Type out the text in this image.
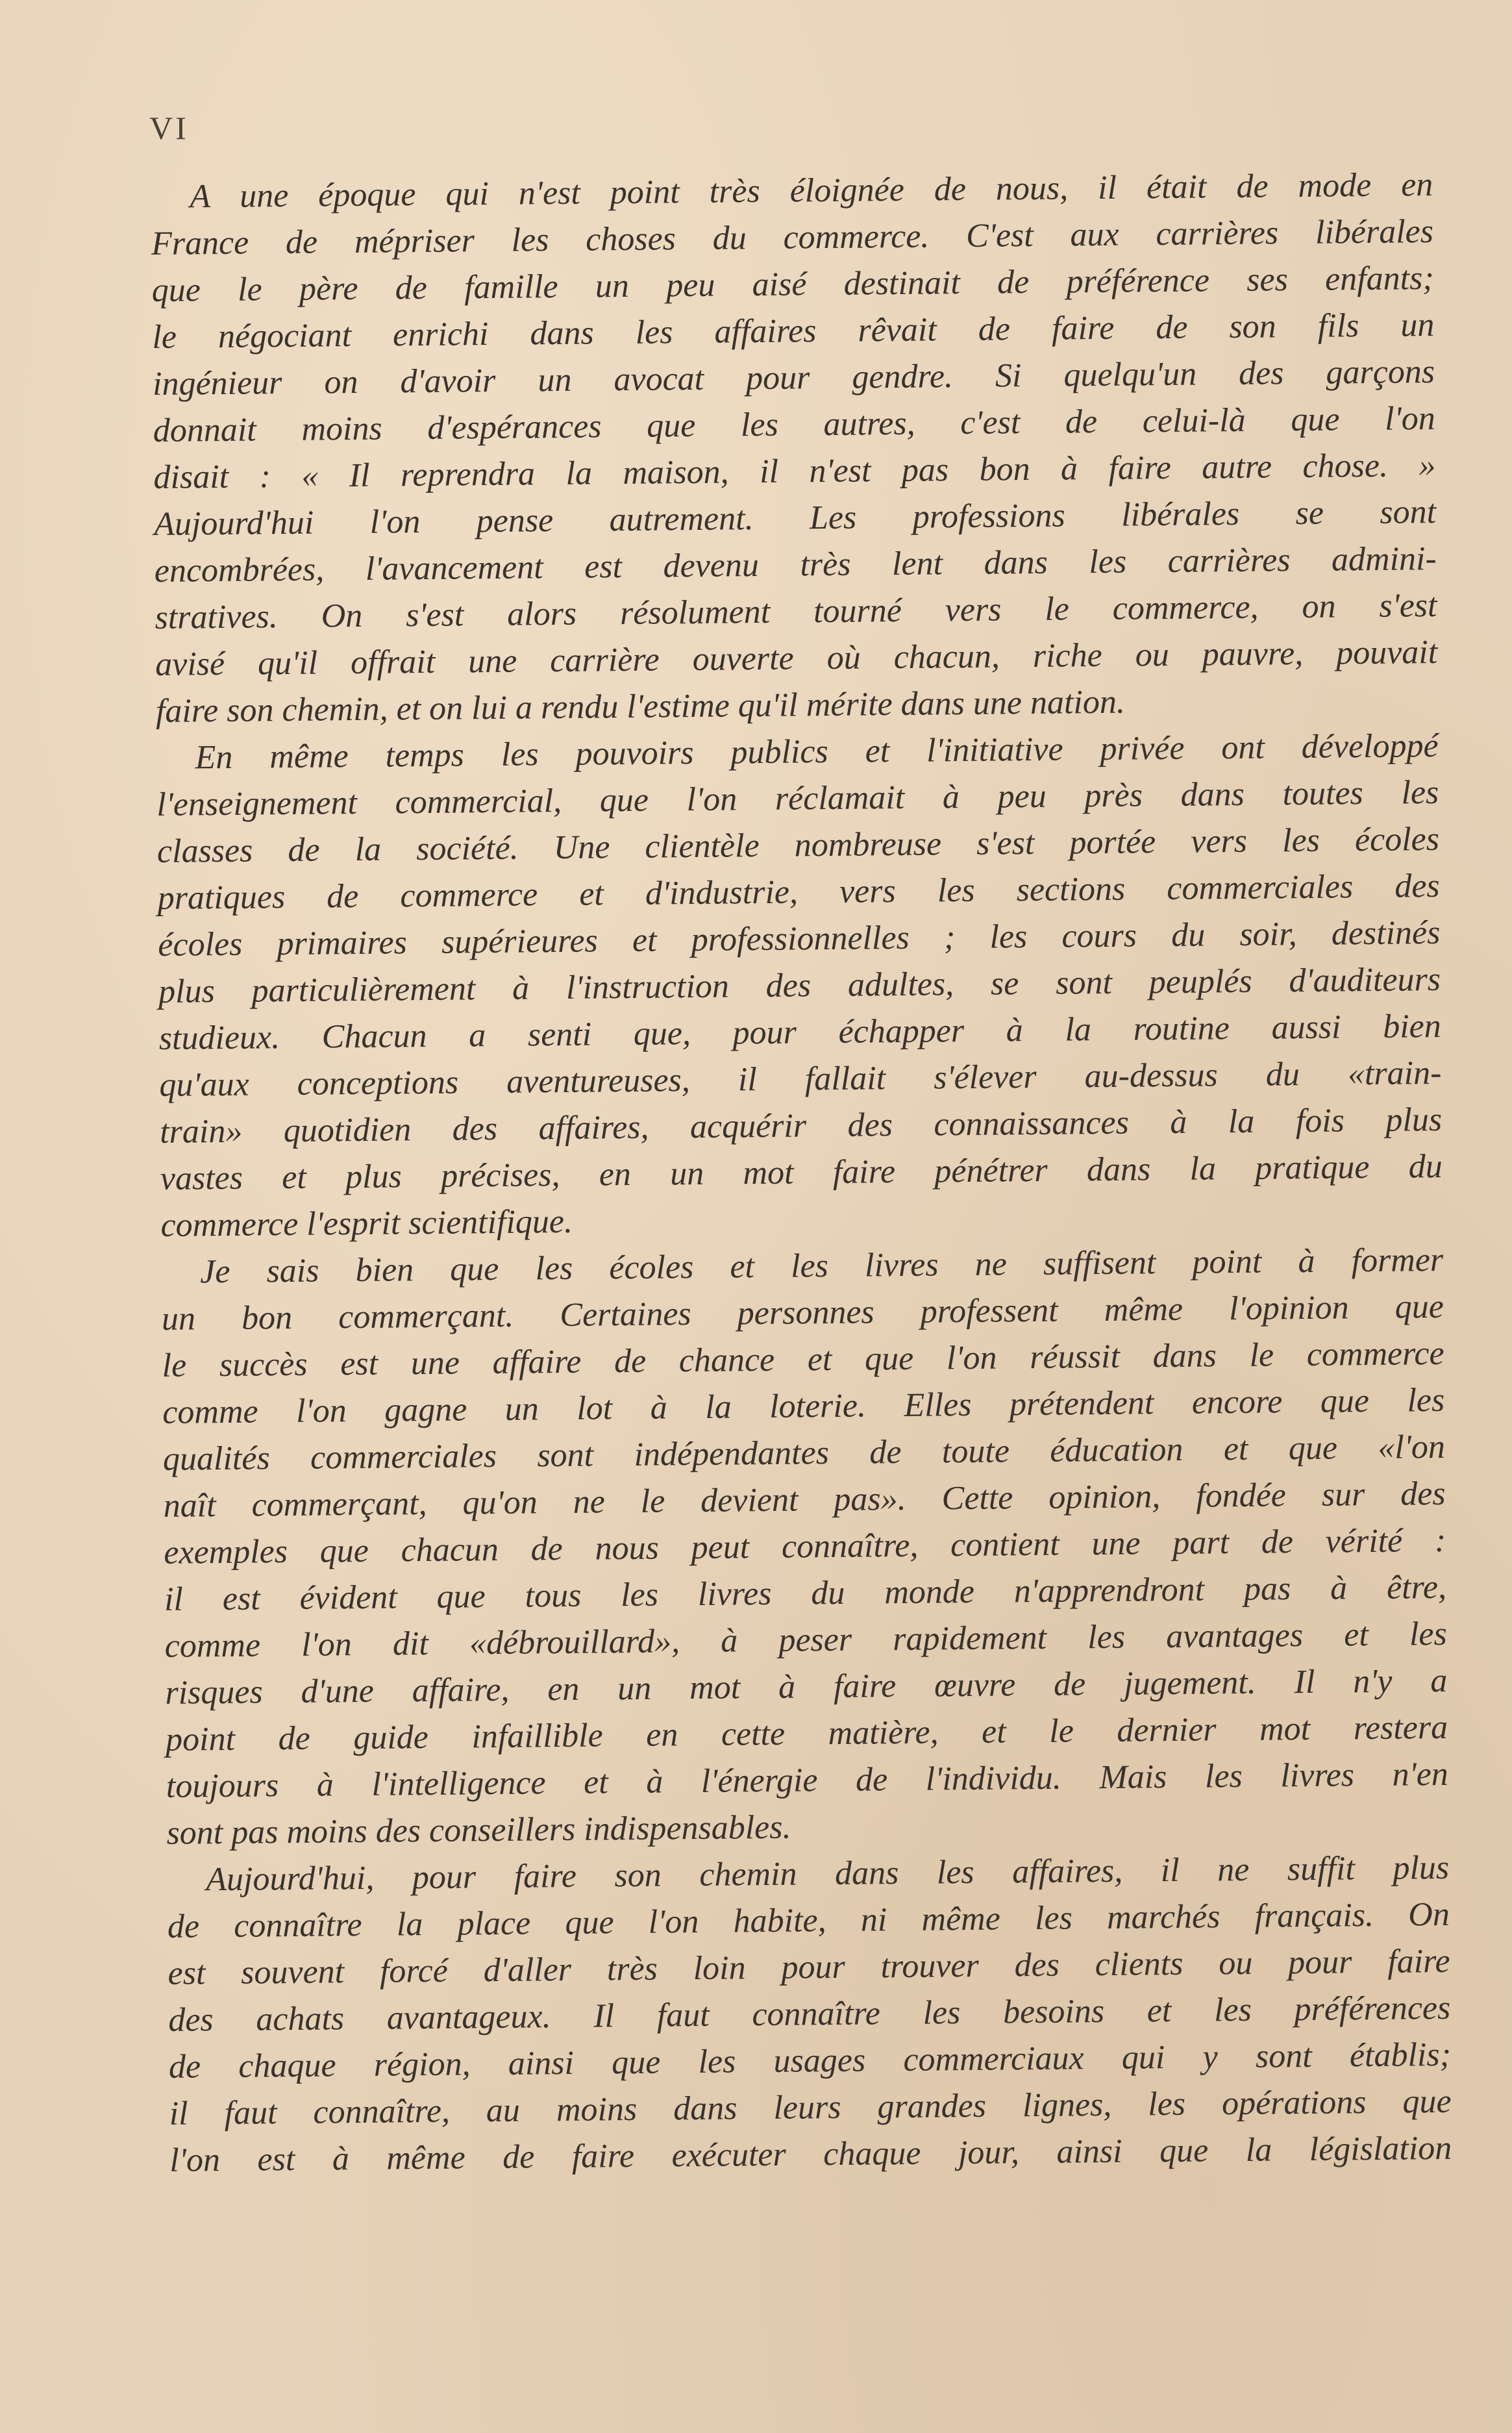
VI
A une époque qui n'est point très éloignée de nous, il était de mode en
France de mépriser les choses du commerce. C'est aux carrières libérales
que le père de famille un peu aisé destinait de préférence ses enfants;
le négociant enrichi dans les affaires rêvait de faire de son fils un
ingénieur on d'avoir un avocat pour gendre. Si quelqu'un des garçons
donnait moins d'espérances que les autres, c'est de celui-là que l'on
disait : « Il reprendra la maison, il n'est pas bon à faire autre chose. »
Aujourd'hui l'on pense autrement. Les professions libérales se sont
encombrées, l'avancement est devenu très lent dans les carrières admini-
stratives. On s'est alors résolument tourné vers le commerce, on s'est
avisé qu'il offrait une carrière ouverte où chacun, riche ou pauvre, pouvait
faire son chemin, et on lui a rendu l'estime qu'il mérite dans une nation.
En même temps les pouvoirs publics et l'initiative privée ont développé
l'enseignement commercial, que l'on réclamait à peu près dans toutes les
classes de la société. Une clientèle nombreuse s'est portée vers les écoles
pratiques de commerce et d'industrie, vers les sections commerciales des
écoles primaires supérieures et professionnelles ; les cours du soir, destinés
plus particulièrement à l'instruction des adultes, se sont peuplés d'auditeurs
studieux. Chacun a senti que, pour échapper à la routine aussi bien
qu'aux conceptions aventureuses, il fallait s'élever au-dessus du «train-
train» quotidien des affaires, acquérir des connaissances à la fois plus
vastes et plus précises, en un mot faire pénétrer dans la pratique du
commerce l'esprit scientifique.
Je sais bien que les écoles et les livres ne suffisent point à former
un bon commerçant. Certaines personnes professent même l'opinion que
le succès est une affaire de chance et que l'on réussit dans le commerce
comme l'on gagne un lot à la loterie. Elles prétendent encore que les
qualités commerciales sont indépendantes de toute éducation et que «l'on
naît commerçant, qu'on ne le devient pas». Cette opinion, fondée sur des
exemples que chacun de nous peut connaître, contient une part de vérité :
il est évident que tous les livres du monde n'apprendront pas à être,
comme l'on dit «débrouillard», à peser rapidement les avantages et les
risques d'une affaire, en un mot à faire œuvre de jugement. Il n'y a
point de guide infaillible en cette matière, et le dernier mot restera
toujours à l'intelligence et à l'énergie de l'individu. Mais les livres n'en
sont pas moins des conseillers indispensables.
Aujourd'hui, pour faire son chemin dans les affaires, il ne suffit plus
de connaître la place que l'on habite, ni même les marchés français. On
est souvent forcé d'aller très loin pour trouver des clients ou pour faire
des achats avantageux. Il faut connaître les besoins et les préférences
de chaque région, ainsi que les usages commerciaux qui y sont établis;
il faut connaître, au moins dans leurs grandes lignes, les opérations que
l'on est à même de faire exécuter chaque jour, ainsi que la législation
